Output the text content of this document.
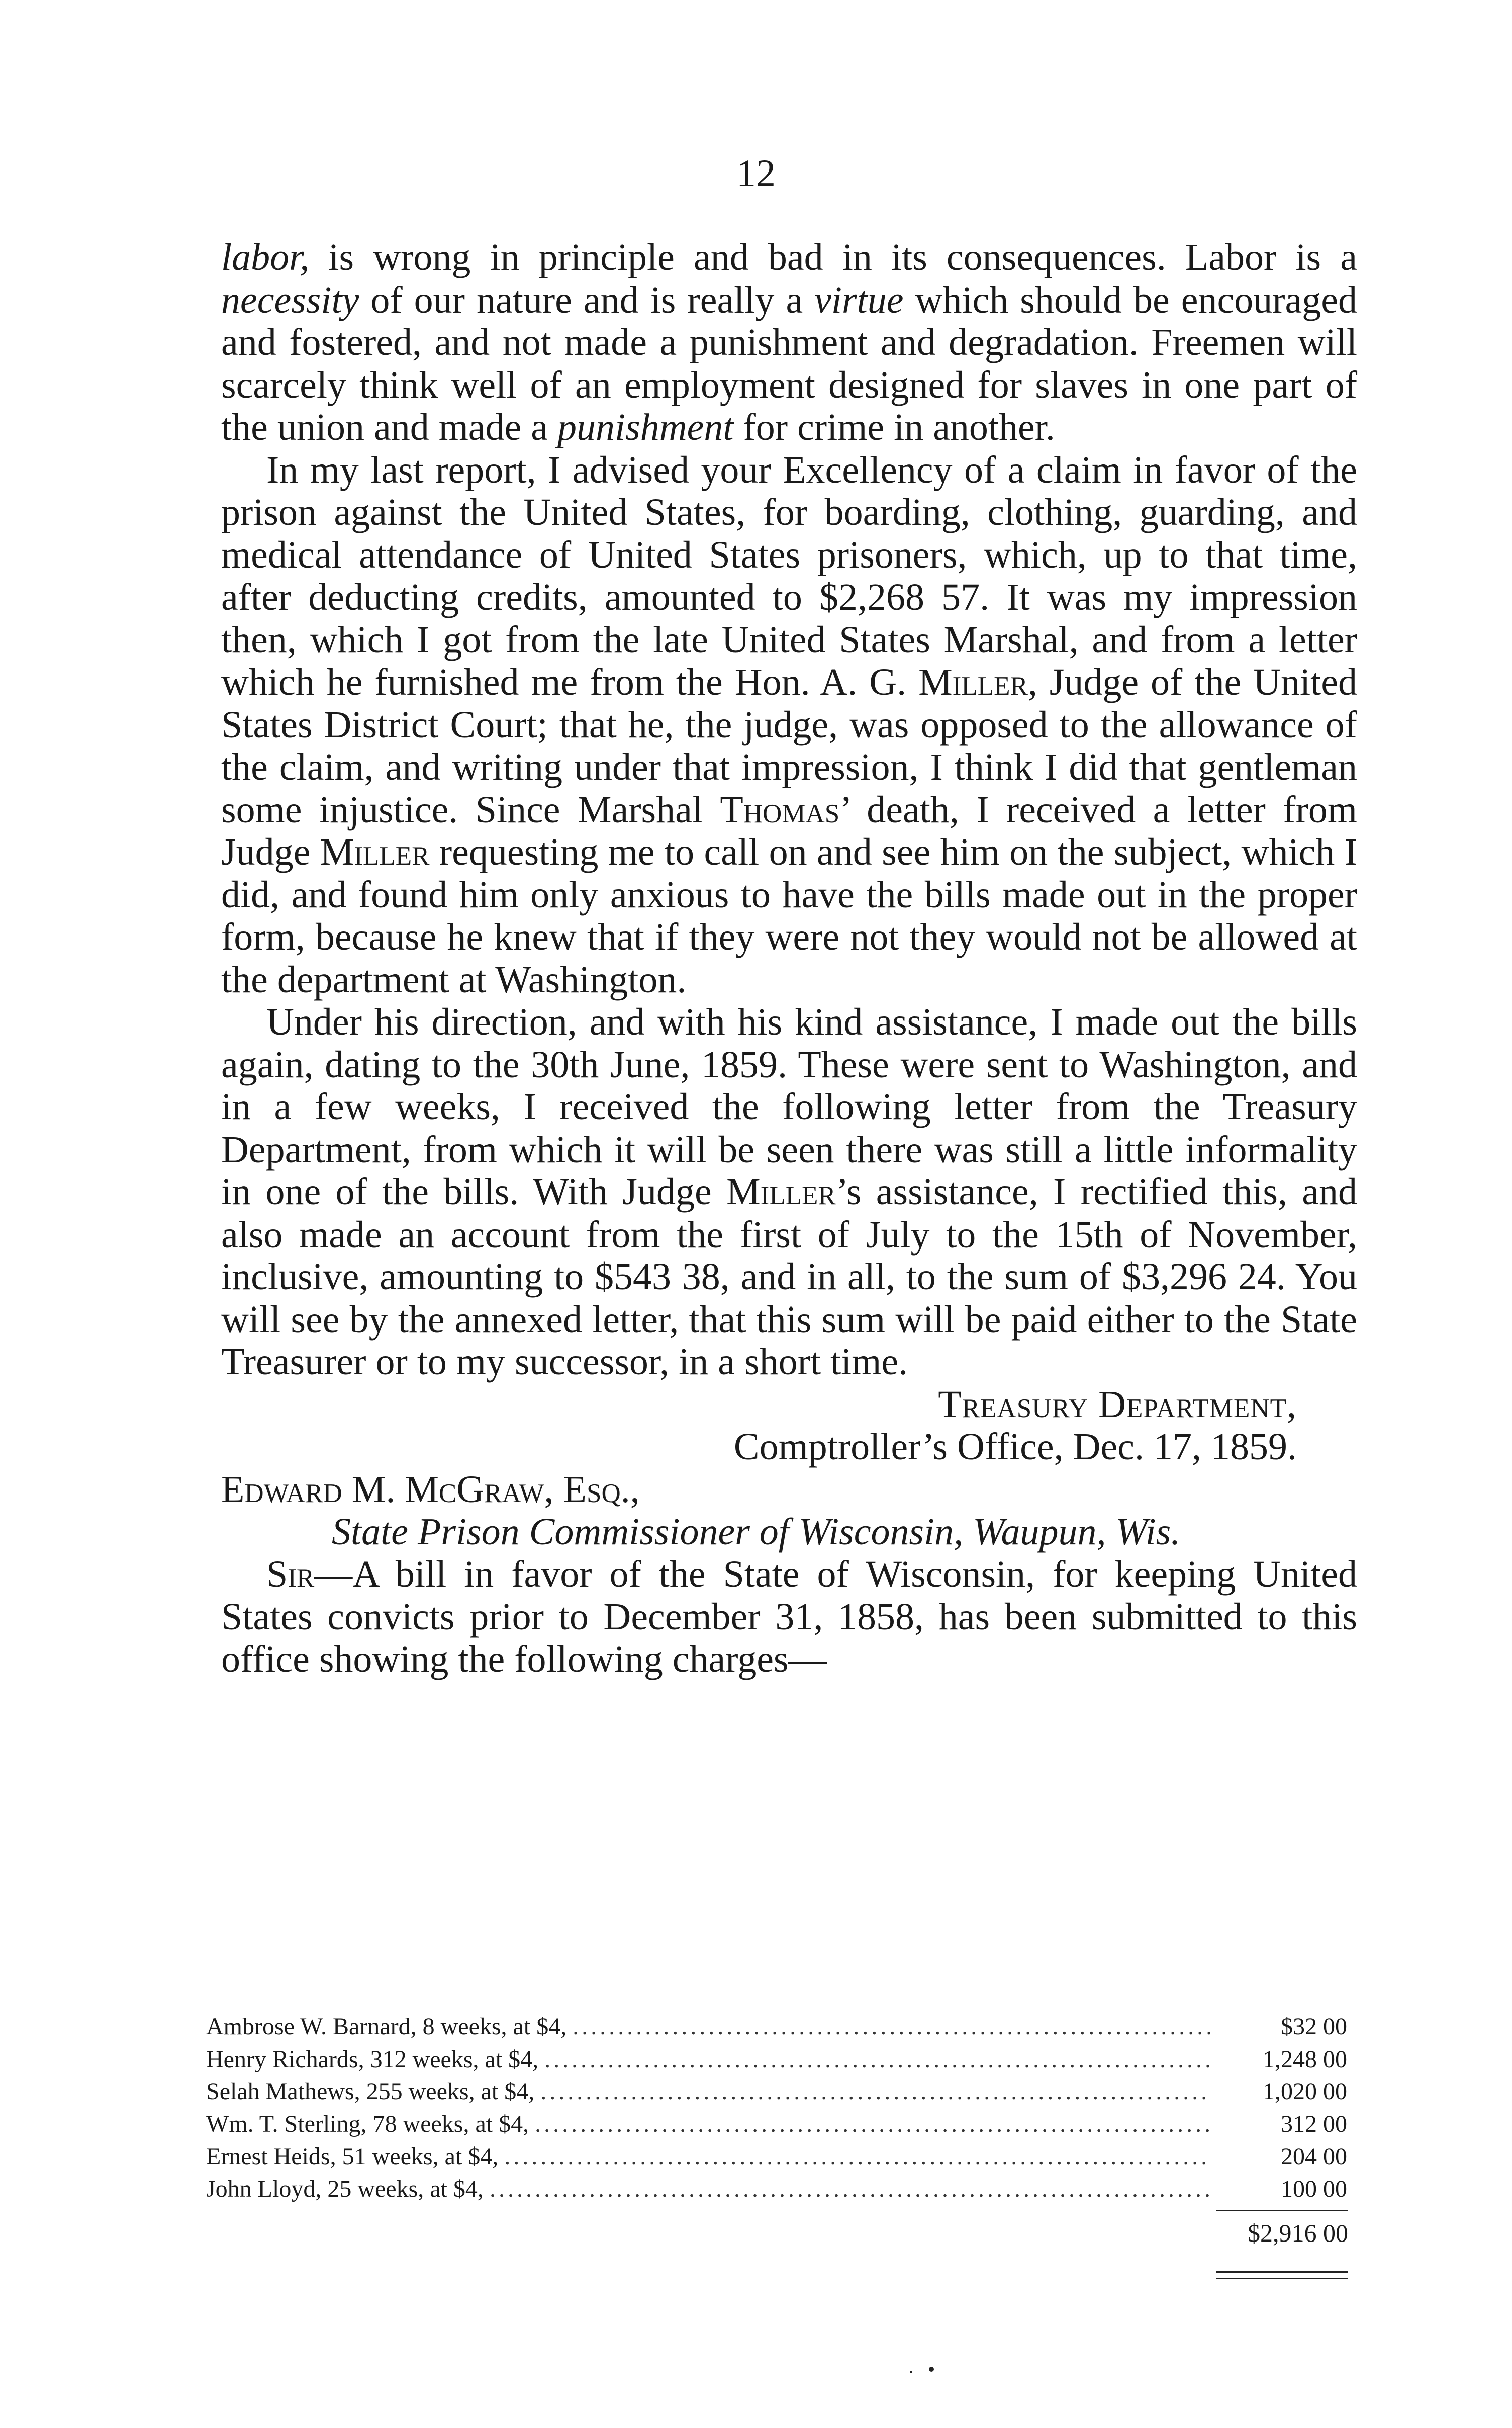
12

labor, is wrong in principle and bad in its consequences. Labor is a necessity of our nature and is really a virtue which should be encouraged and fostered, and not made a punishment and degradation. Freemen will scarcely think well of an employment designed for slaves in one part of the union and made a punishment for crime in another.

In my last report, I advised your Excellency of a claim in favor of the prison against the United States, for boarding, clothing, guarding, and medical attendance of United States prisoners, which, up to that time, after deducting credits, amounted to $2,268 57. It was my impression then, which I got from the late United States Marshal, and from a letter which he furnished me from the Hon. A. G. Miller, Judge of the United States District Court; that he, the judge, was opposed to the allowance of the claim, and writing under that impression, I think I did that gentleman some injustice. Since Marshal Thomas’ death, I received a letter from Judge Miller requesting me to call on and see him on the subject, which I did, and found him only anxious to have the bills made out in the proper form, because he knew that if they were not they would not be allowed at the department at Washington.

Under his direction, and with his kind assistance, I made out the bills again, dating to the 30th June, 1859. These were sent to Washington, and in a few weeks, I received the following letter from the Treasury Department, from which it will be seen there was still a little informality in one of the bills. With Judge Miller’s assistance, I rectified this, and also made an account from the first of July to the 15th of November, inclusive, amounting to $543 38, and in all, to the sum of $3,296 24. You will see by the annexed letter, that this sum will be paid either to the State Treasurer or to my successor, in a short time.

Treasury Department,

Comptroller’s Office, Dec. 17, 1859.

Edward M. McGraw, Esq.,

State Prison Commissioner of Wisconsin, Waupun, Wis.

Sir—A bill in favor of the State of Wisconsin, for keeping United States convicts prior to December 31, 1858, has been submitted to this office showing the following charges—

Ambrose W. Barnard, 8 weeks, at $4, .....	$32 00
Henry Richards, 312 weeks, at $4, .....	1,248 00
Selah Mathews, 255 weeks, at $4, .....	1,020 00
Wm. T. Sterling, 78 weeks, at $4, .....	312 00
Ernest Heids, 51 weeks, at $4, .....	204 00
John Lloyd, 25 weeks, at $4, .....	100 00
$2,916 00
